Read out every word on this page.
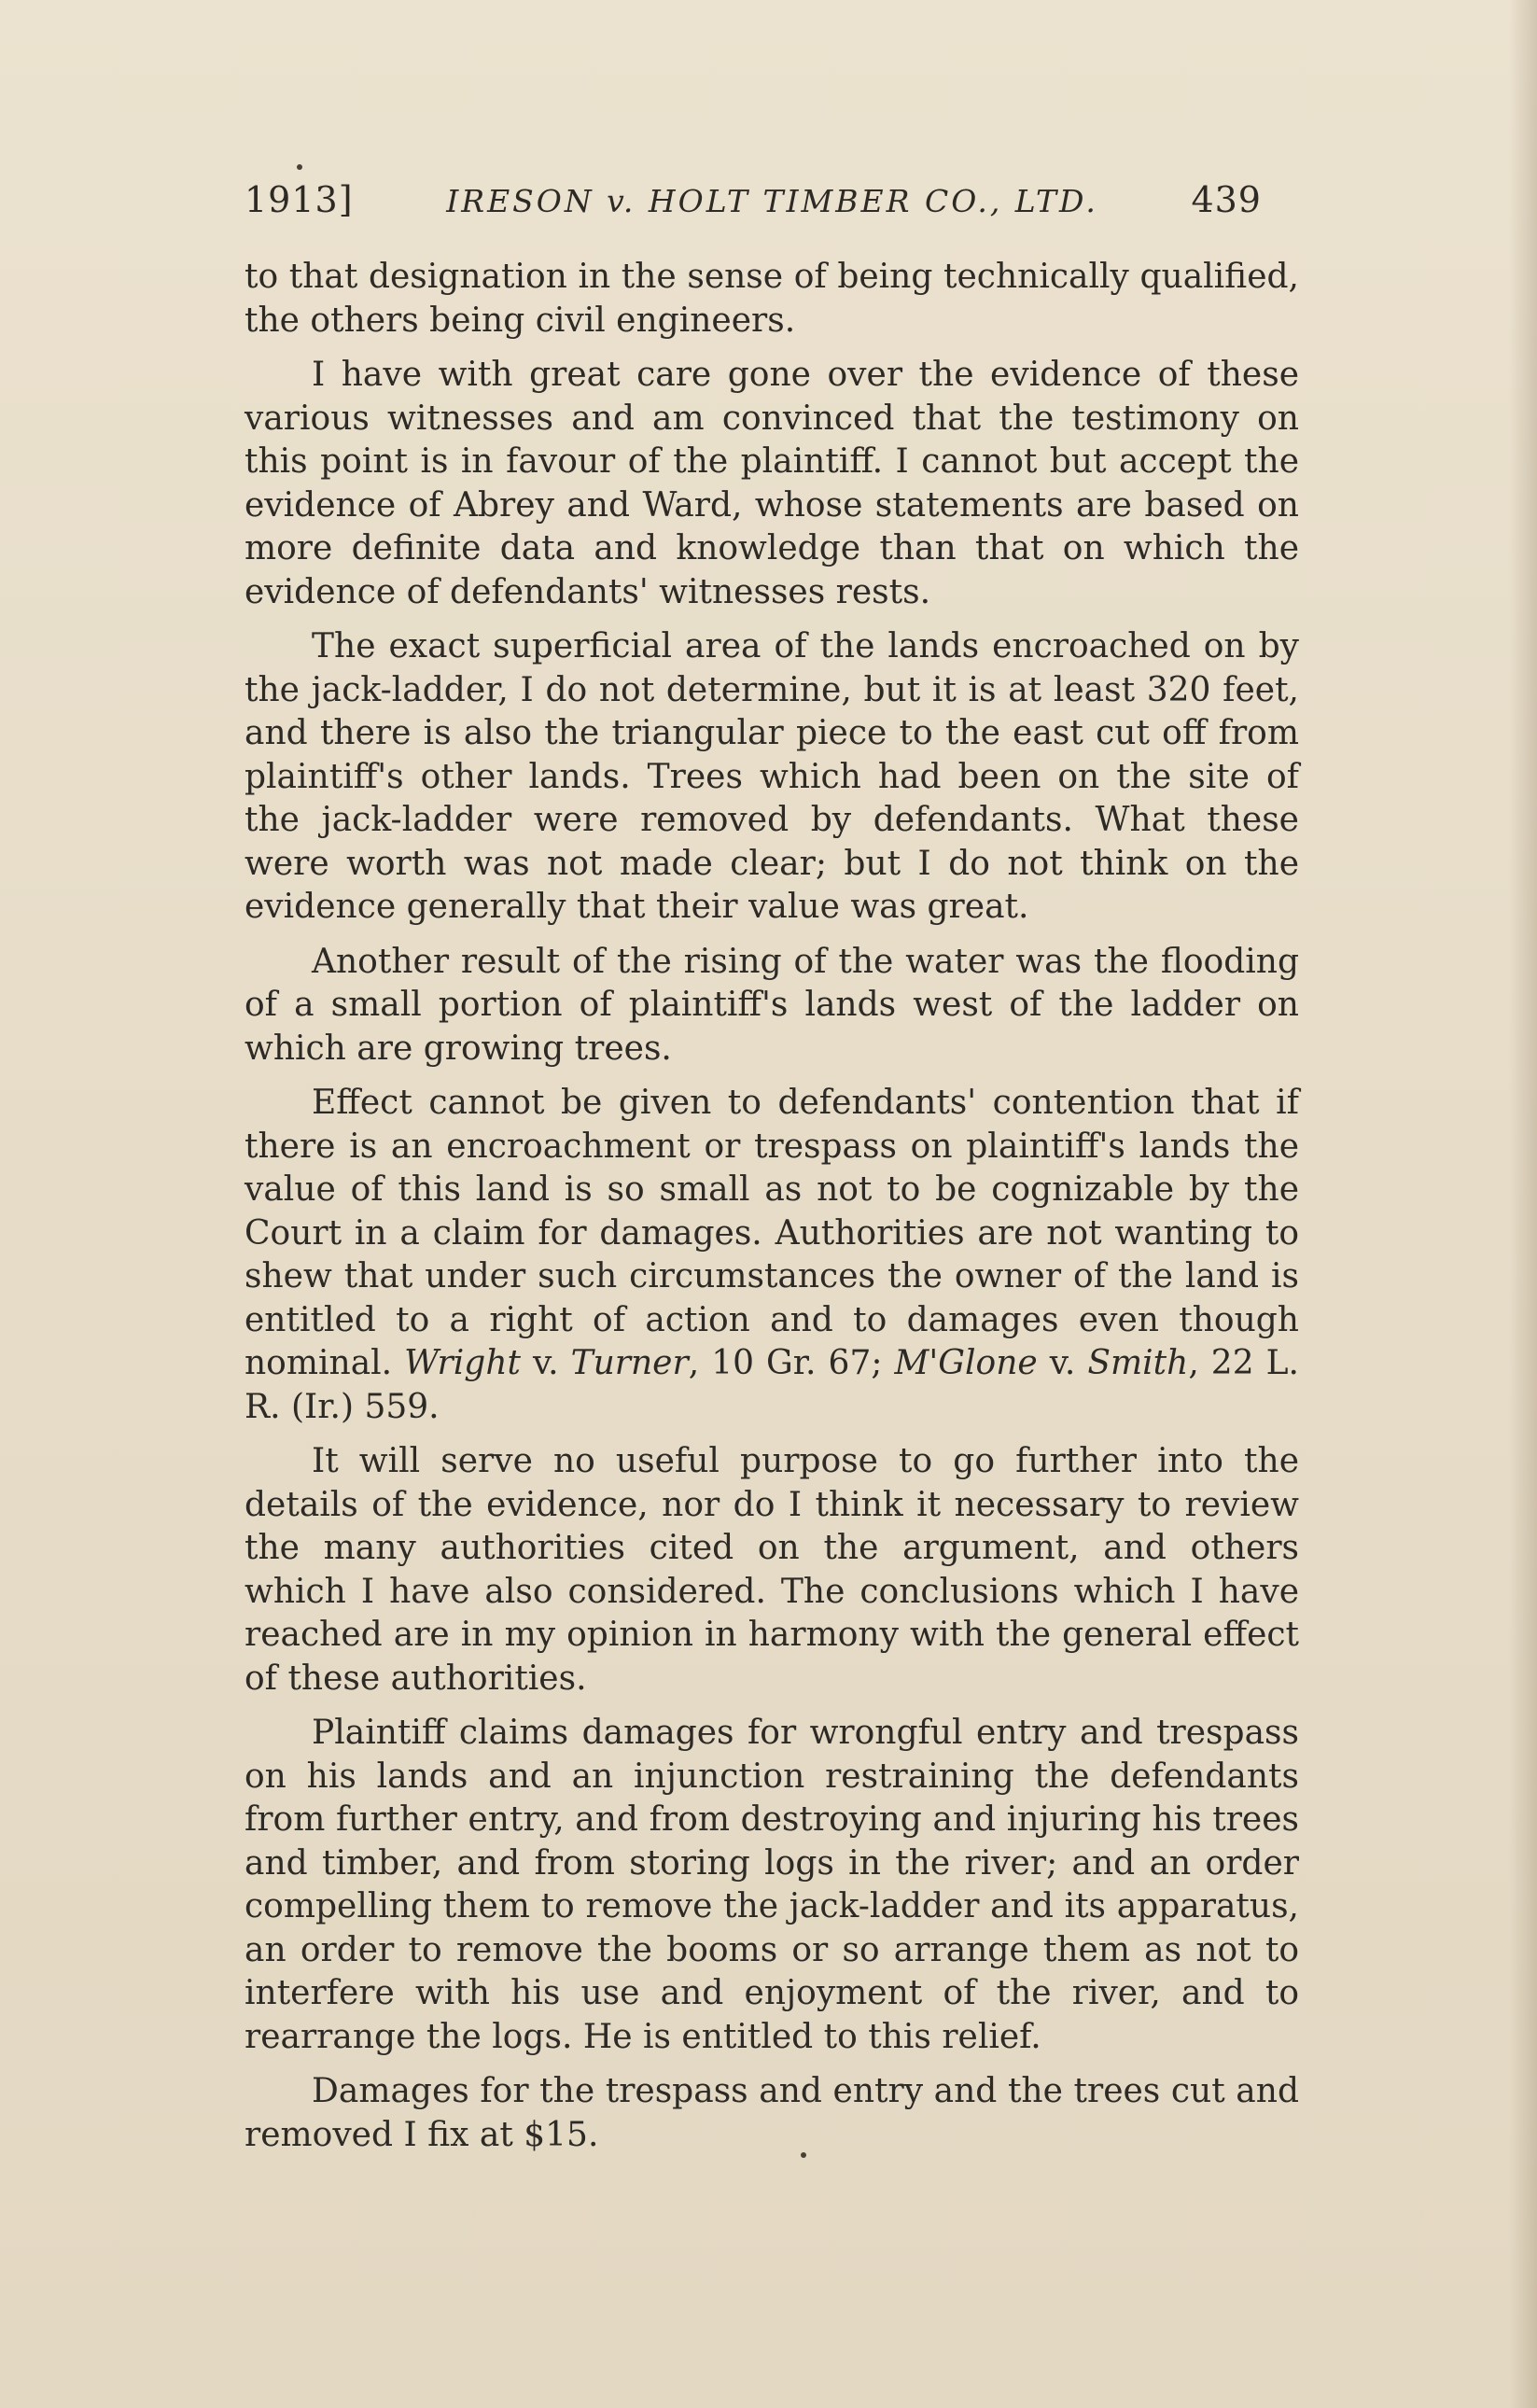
1913]	IRESON v. HOLT TIMBER CO., LTD.	439

to that designation in the sense of being technically qualified, the others being civil engineers.

I have with great care gone over the evidence of these various witnesses and am convinced that the testimony on this point is in favour of the plaintiff. I cannot but accept the evidence of Abrey and Ward, whose statements are based on more definite data and knowledge than that on which the evidence of defendants' witnesses rests.

The exact superficial area of the lands encroached on by the jack-ladder, I do not determine, but it is at least 320 feet, and there is also the triangular piece to the east cut off from plaintiff's other lands. Trees which had been on the site of the jack-ladder were removed by defendants. What these were worth was not made clear; but I do not think on the evidence generally that their value was great.

Another result of the rising of the water was the flooding of a small portion of plaintiff's lands west of the ladder on which are growing trees.

Effect cannot be given to defendants' contention that if there is an encroachment or trespass on plaintiff's lands the value of this land is so small as not to be cognizable by the Court in a claim for damages. Authorities are not wanting to shew that under such circumstances the owner of the land is entitled to a right of action and to damages even though nominal. Wright v. Turner, 10 Gr. 67; M'Glone v. Smith, 22 L. R. (Ir.) 559.

It will serve no useful purpose to go further into the details of the evidence, nor do I think it necessary to review the many authorities cited on the argument, and others which I have also considered. The conclusions which I have reached are in my opinion in harmony with the general effect of these authorities.

Plaintiff claims damages for wrongful entry and trespass on his lands and an injunction restraining the defendants from further entry, and from destroying and injuring his trees and timber, and from storing logs in the river; and an order compelling them to remove the jack-ladder and its apparatus, an order to remove the booms or so arrange them as not to interfere with his use and enjoyment of the river, and to rearrange the logs. He is entitled to this relief.

Damages for the trespass and entry and the trees cut and removed I fix at $15.
